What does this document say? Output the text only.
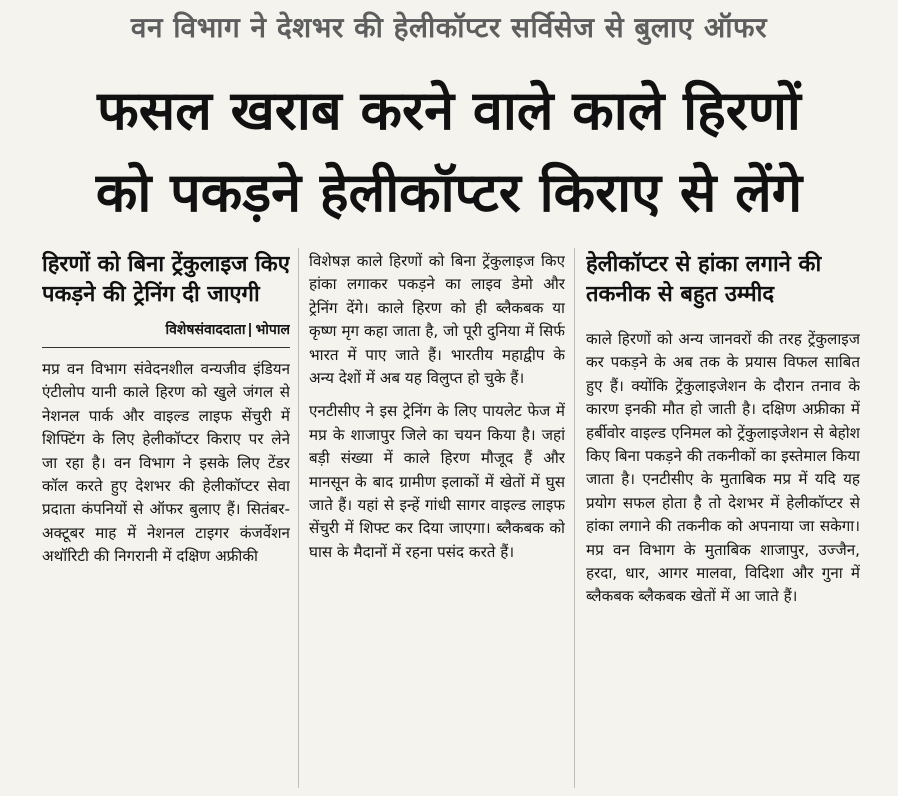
वन विभाग ने देशभर की हेलीकॉप्टर सर्विसेज से बुलाए ऑफर
फसल खराब करने वाले काले हिरणों
को पकड़ने हेलीकॉप्टर किराए से लेंगे
हिरणों को बिना ट्रेंकुलाइज किए पकड़ने की ट्रेनिंग दी जाएगी
विशेषसंवाददाता भोपाल

मप्र वन विभाग संवेदनशील वन्यजीव इंडियन एंटीलोप यानी काले हिरण को खुले जंगल से नेशनल पार्क और वाइल्ड लाइफ सेंचुरी में शिफ्टिंग के लिए हेलीकॉप्टर किराए पर लेने जा रहा है। वन विभाग ने इसके लिए टेंडर कॉल करते हुए देशभर की हेलीकॉप्टर सेवा प्रदाता कंपनियों से ऑफर बुलाए हैं। सितंबर-अक्टूबर माह में नेशनल टाइगर कंजर्वेशन अथॉरिटी की निगरानी में दक्षिण अफ्रीकी

विशेषज्ञ काले हिरणों को बिना ट्रेंकुलाइज किए हांका लगाकर पकड़ने का लाइव डेमो और ट्रेनिंग देंगे। काले हिरण को ही ब्लैकबक या कृष्ण मृग कहा जाता है, जो पूरी दुनिया में सिर्फ भारत में पाए जाते हैं। भारतीय महाद्वीप के अन्य देशों में अब यह विलुप्त हो चुके हैं।

एनटीसीए ने इस ट्रेनिंग के लिए पायलेट फेज में मप्र के शाजापुर जिले का चयन किया है। जहां बड़ी संख्या में काले हिरण मौजूद हैं और मानसून के बाद ग्रामीण इलाकों में खेतों में घुस जाते हैं। यहां से इन्हें गांधी सागर वाइल्ड लाइफ सेंचुरी में शिफ्ट कर दिया जाएगा। ब्लैकबक को घास के मैदानों में रहना पसंद करते हैं।

हेलीकॉप्टर से हांका लगाने की तकनीक से बहुत उम्मीद

काले हिरणों को अन्य जानवरों की तरह ट्रेंकुलाइज कर पकड़ने के अब तक के प्रयास विफल साबित हुए हैं। क्योंकि ट्रेंकुलाइजेशन के दौरान तनाव के कारण इनकी मौत हो जाती है। दक्षिण अफ्रीका में हर्बीवोर वाइल्ड एनिमल को ट्रेंकुलाइजेशन से बेहोश किए बिना पकड़ने की तकनीकों का इस्तेमाल किया जाता है। एनटीसीए के मुताबिक मप्र में यदि यह प्रयोग सफल होता है तो देशभर में हेलीकॉप्टर से हांका लगाने की तकनीक को अपनाया जा सकेगा। मप्र वन विभाग के मुताबिक शाजापुर, उज्जैन, हरदा, धार, आगर मालवा, विदिशा और गुना में ब्लैकबक ब्लैकबक खेतों में आ जाते हैं।
